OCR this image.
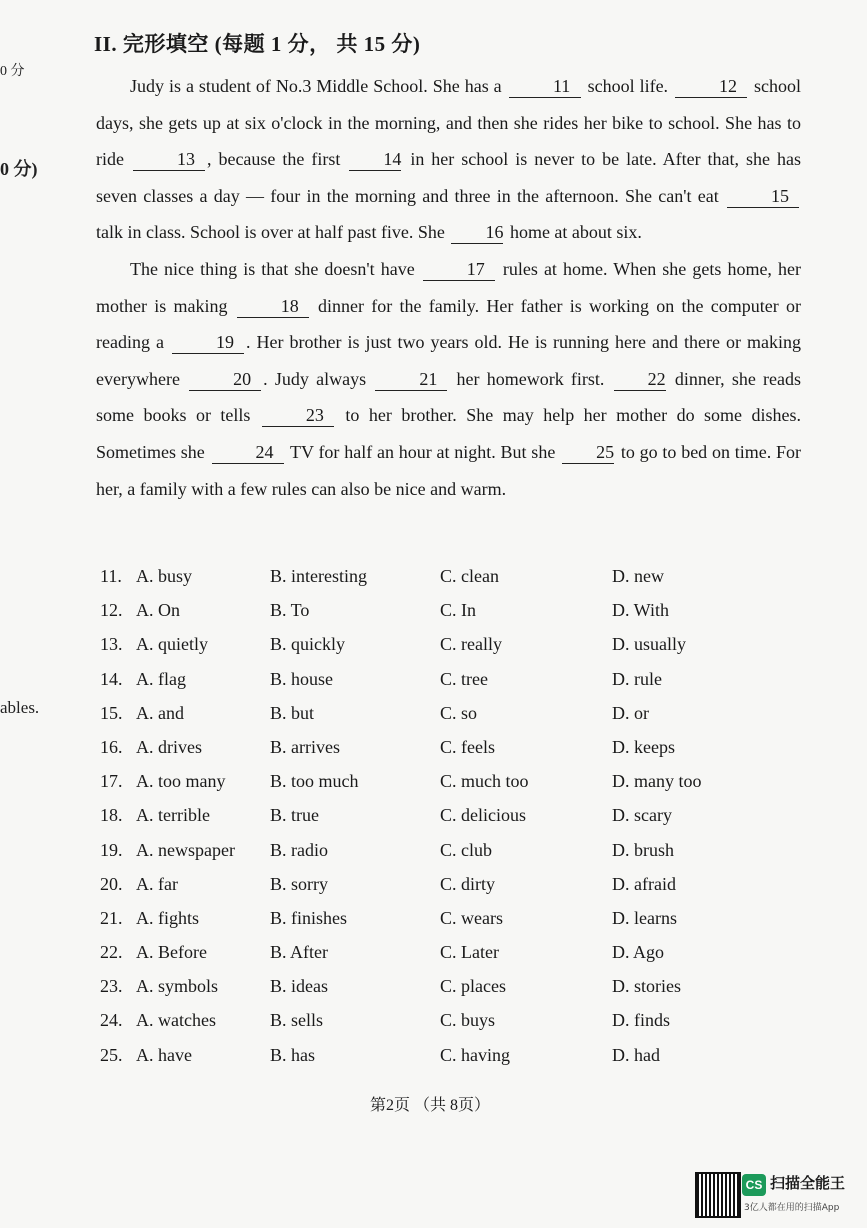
0 分
0 分)
ables.
II. 完形填空 (每题 1 分， 共 15 分)

Judy is a student of No.3 Middle School. She has a	11 school life.	12 school days, she gets up at six o'clock in the morning, and then she rides her bike to school. She has to ride	13 , because the first 14 in her school is never to be late. After that, she has seven classes a day — four in the morning and three in the afternoon. She can't eat	15 talk in class. School is over at half past five. She 16 home at about six.

The nice thing is that she doesn't have	17 rules at home. When she gets home, her mother is making	18 dinner for the family. Her father is working on the computer or reading a	19 . Her brother is just two years old. He is running here and there or making everywhere	20 . Judy always	21 her homework first. 22 dinner, she reads some books or tells	23 to her brother. She may help her mother do some dishes. Sometimes she	24 TV for half an hour at night. But she 25 to go to bed on time. For her, a family with a few rules can also be nice and warm.

11. A. busy	B. interesting	C. clean	D. new
12. A. On	B. To	C. In	D. With
13. A. quietly	B. quickly	C. really	D. usually
14. A. flag	B. house	C. tree	D. rule
15. A. and	B. but	C. so	D. or
16. A. drives	B. arrives	C. feels	D. keeps
17. A. too many B. too much	C. much too	D. many too
18. A. terrible	B. true	C. delicious	D. scary
19. A. newspaper B. radio	C. club	D. brush
20. A. far	B. sorry	C. dirty	D. afraid
21. A. fights	B. finishes	C. wears	D. learns
22. A. Before	B. After	C. Later	D. Ago
23. A. symbols	B. ideas	C. places	D. stories
24. A. watches	B. sells	C. buys	D. finds
25. A. have	B. has	C. having	D. had
第2页 （共 8页）
CS 扫描全能王
3亿人都在用的扫描App
